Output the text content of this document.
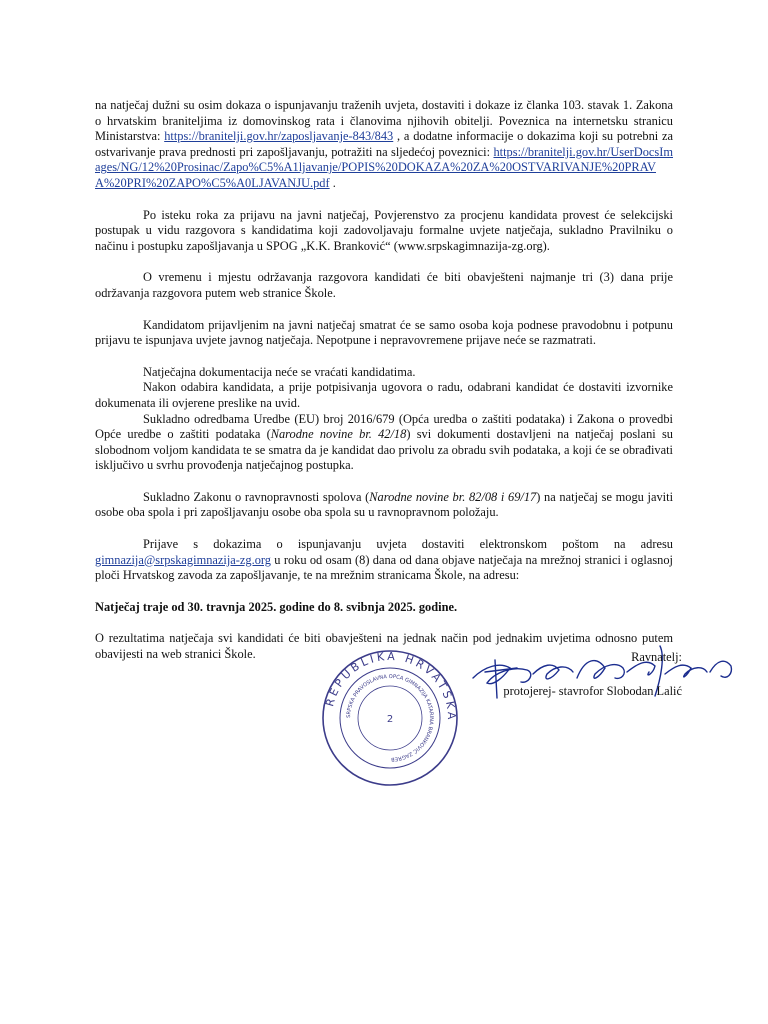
na natječaj dužni su osim dokaza o ispunjavanju traženih uvjeta, dostaviti i dokaze iz članka 103. stavak 1. Zakona o hrvatskim braniteljima iz domovinskog rata i članovima njihovih obitelji. Poveznica na internetsku stranicu Ministarstva: https://branitelji.gov.hr/zaposljavanje-843/843 , a dodatne informacije o dokazima koji su potrebni za ostvarivanje prava prednosti pri zapošljavanju, potražiti na sljedećoj poveznici: https://branitelji.gov.hr/UserDocsImages/NG/12%20Prosinac/Zapo%C5%A1ljavanje/POPIS%20DOKAZA%20ZA%20OSTVARIVANJE%20PRAVA%20PRI%20ZAPO%C5%A0LJAVANJU.pdf .

Po isteku roka za prijavu na javni natječaj, Povjerenstvo za procjenu kandidata provest će selekcijski postupak u vidu razgovora s kandidatima koji zadovoljavaju formalne uvjete natječaja, sukladno Pravilniku o načinu i postupku zapošljavanja u SPOG „K.K. Branković“ (www.srpskagimnazija-zg.org).

O vremenu i mjestu održavanja razgovora kandidati će biti obavješteni najmanje tri (3) dana prije održavanja razgovora putem web stranice Škole.

Kandidatom prijavljenim na javni natječaj smatrat će se samo osoba koja podnese pravodobnu i potpunu prijavu te ispunjava uvjete javnog natječaja. Nepotpune i nepravovremene prijave neće se razmatrati.

Natječajna dokumentacija neće se vraćati kandidatima.

Nakon odabira kandidata, a prije potpisivanja ugovora o radu, odabrani kandidat će dostaviti izvornike dokumenata ili ovjerene preslike na uvid.

Sukladno odredbama Uredbe (EU) broj 2016/679 (Opća uredba o zaštiti podataka) i Zakona o provedbi Opće uredbe o zaštiti podataka (Narodne novine br. 42/18) svi dokumenti dostavljeni na natječaj poslani su slobodnom voljom kandidata te se smatra da je kandidat dao privolu za obradu svih podataka, a koji će se obrađivati isključivo u svrhu provođenja natječajnog postupka.

Sukladno Zakonu o ravnopravnosti spolova (Narodne novine br. 82/08 i 69/17) na natječaj se mogu javiti osobe oba spola i pri zapošljavanju osobe oba spola su u ravnopravnom položaju.

Prijave s dokazima o ispunjavanju uvjeta dostaviti elektronskom poštom na adresu gimnazija@srpskagimnazija-zg.org u roku od osam (8) dana od dana objave natječaja na mrežnoj stranici i oglasnoj ploči Hrvatskog zavoda za zapošljavanje, te na mrežnim stranicama Škole, na adresu:

Natječaj traje od 30. travnja 2025. godine do 8. svibnja 2025. godine.

O rezultatima natječaja svi kandidati će biti obavješteni na jednak način pod jednakim uvjetima odnosno putem obavijesti na web stranici Škole.

REPUBLIKA HRVATSKA
SRPSKA PRAVOSLAVNA OPĆA GIMNAZIJA KATARINA BRANKOVIĆ ZAGREB
2
Ravnatelj:
protojerej- stavrofor Slobodan Lalić
